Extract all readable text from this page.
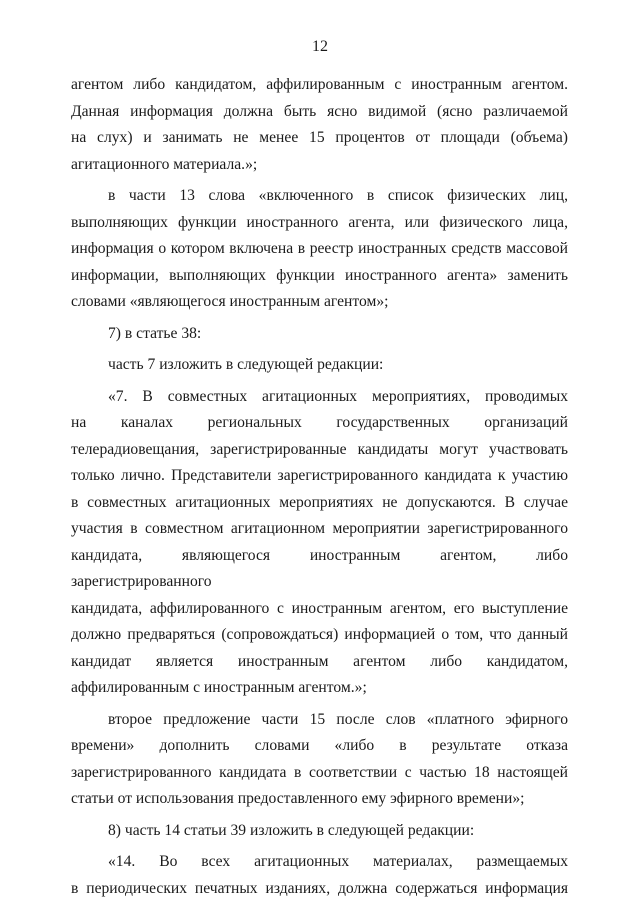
12
агентом либо кандидатом, аффилированным с иностранным агентом.
Данная информация должна быть ясно видимой (ясно различаемой
на слух) и занимать не менее 15 процентов от площади (объема)
агитационного материала.»;
в части 13 слова «включенного в список физических лиц,
выполняющих функции иностранного агента, или физического лица,
информация о котором включена в реестр иностранных средств массовой
информации, выполняющих функции иностранного агента» заменить
словами «являющегося иностранным агентом»;
7) в статье 38:
часть 7 изложить в следующей редакции:
«7. В совместных агитационных мероприятиях, проводимых
на каналах региональных государственных организаций
телерадиовещания, зарегистрированные кандидаты могут участвовать
только лично. Представители зарегистрированного кандидата к участию
в совместных агитационных мероприятиях не допускаются. В случае
участия в совместном агитационном мероприятии зарегистрированного
кандидата, являющегося иностранным агентом, либо зарегистрированного
кандидата, аффилированного с иностранным агентом, его выступление
должно предваряться (сопровождаться) информацией о том, что данный
кандидат является иностранным агентом либо кандидатом,
аффилированным с иностранным агентом.»;
второе предложение части 15 после слов «платного эфирного
времени» дополнить словами «либо в результате отказа
зарегистрированного кандидата в соответствии с частью 18 настоящей
статьи от использования предоставленного ему эфирного времени»;
8) часть 14 статьи 39 изложить в следующей редакции:
«14. Во всех агитационных материалах, размещаемых
в периодических печатных изданиях, должна содержаться информация
